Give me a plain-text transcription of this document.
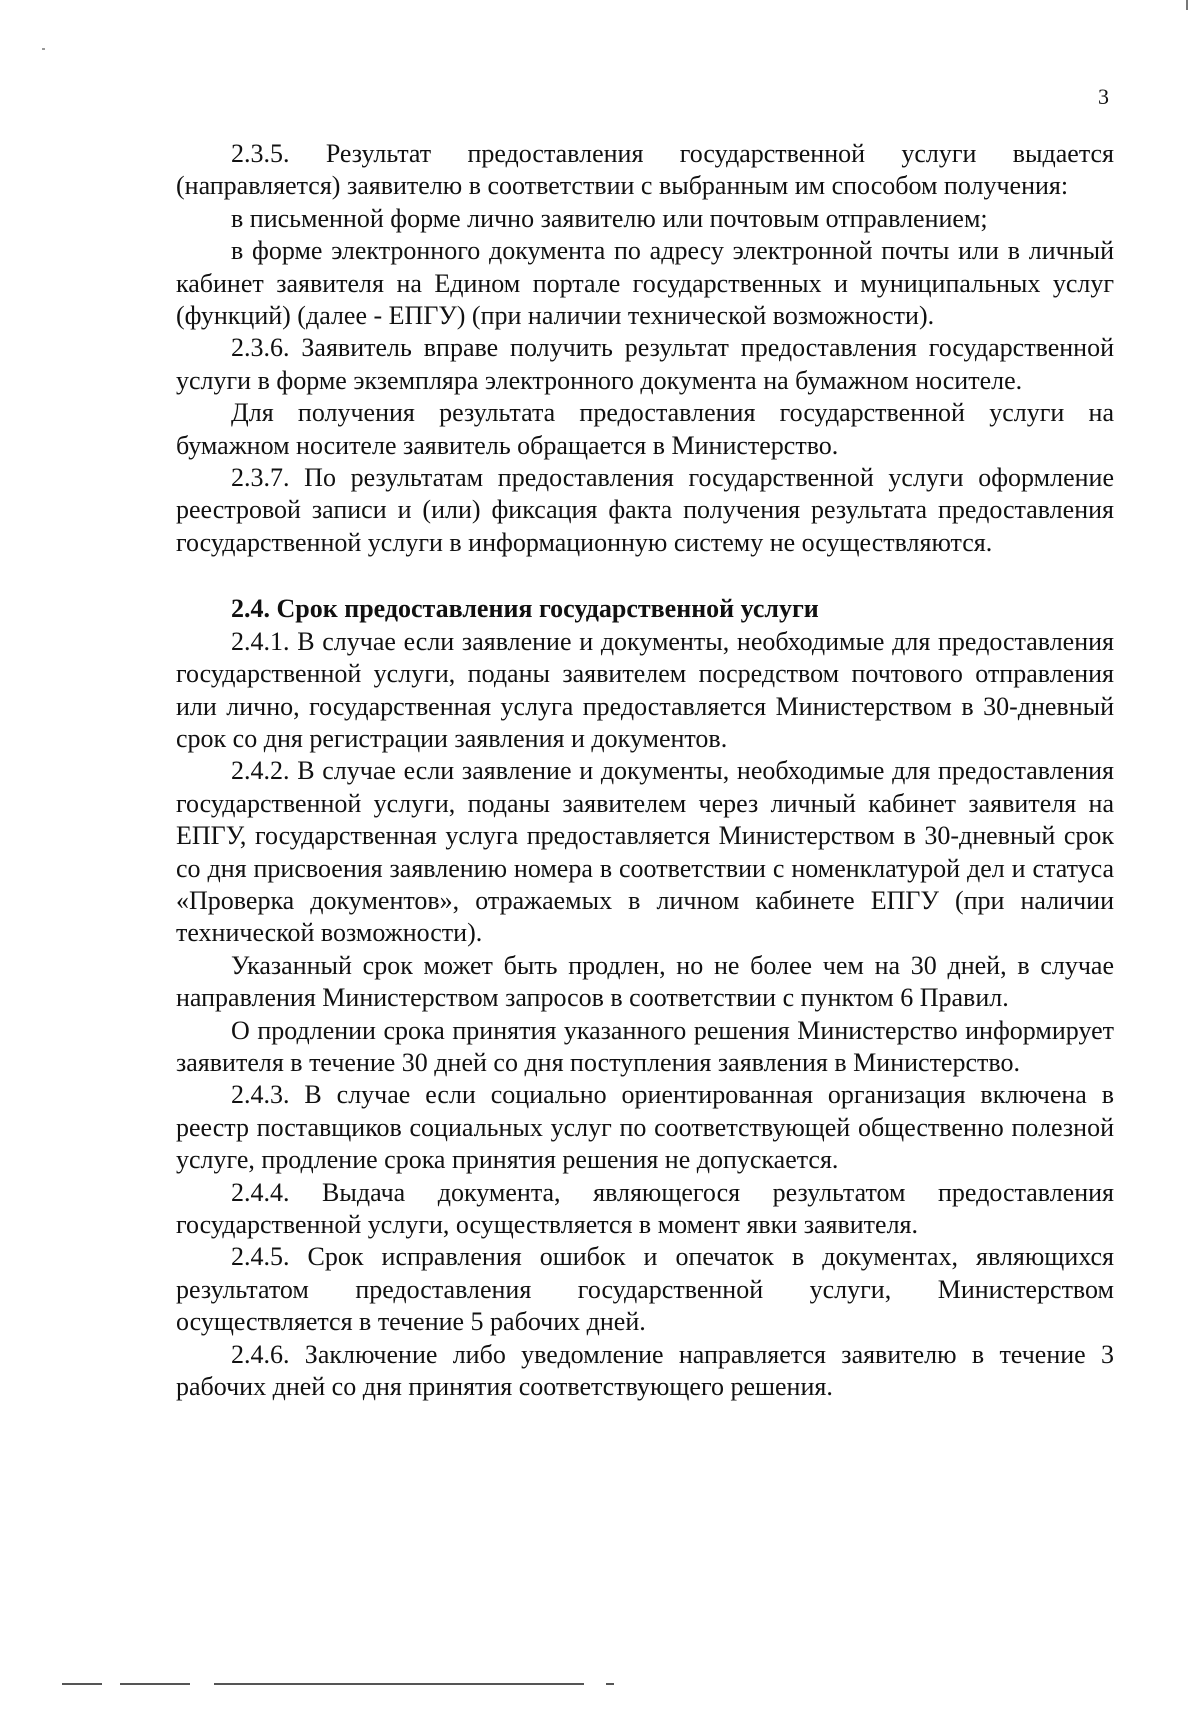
3

2.3.5. Результат предоставления государственной услуги выдается (направляется) заявителю в соответствии с выбранным им способом получения:

в письменной форме лично заявителю или почтовым отправлением;

в форме электронного документа по адресу электронной почты или в личный кабинет заявителя на Едином портале государственных и муниципальных услуг (функций) (далее - ЕПГУ) (при наличии технической возможности).

2.3.6. Заявитель вправе получить результат предоставления государственной услуги в форме экземпляра электронного документа на бумажном носителе.

Для получения результата предоставления государственной услуги на бумажном носителе заявитель обращается в Министерство.

2.3.7. По результатам предоставления государственной услуги оформление реестровой записи и (или) фиксация факта получения результата предоставления государственной услуги в информационную систему не осуществляются.

2.4. Срок предоставления государственной услуги

2.4.1. В случае если заявление и документы, необходимые для предоставления государственной услуги, поданы заявителем посредством почтового отправления или лично, государственная услуга предоставляется Министерством в 30-дневный срок со дня регистрации заявления и документов.

2.4.2. В случае если заявление и документы, необходимые для предоставления государственной услуги, поданы заявителем через личный кабинет заявителя на ЕПГУ, государственная услуга предоставляется Министерством в 30-дневный срок со дня присвоения заявлению номера в соответствии с номенклатурой дел и статуса «Проверка документов», отражаемых в личном кабинете ЕПГУ (при наличии технической возможности).

Указанный срок может быть продлен, но не более чем на 30 дней, в случае направления Министерством запросов в соответствии с пунктом 6 Правил.

О продлении срока принятия указанного решения Министерство информирует заявителя в течение 30 дней со дня поступления заявления в Министерство.

2.4.3. В случае если социально ориентированная организация включена в реестр поставщиков социальных услуг по соответствующей общественно полезной услуге, продление срока принятия решения не допускается.

2.4.4. Выдача документа, являющегося результатом предоставления государственной услуги, осуществляется в момент явки заявителя.

2.4.5. Срок исправления ошибок и опечаток в документах, являющихся результатом предоставления государственной услуги, Министерством осуществляется в течение 5 рабочих дней.

2.4.6. Заключение либо уведомление направляется заявителю в течение 3 рабочих дней со дня принятия соответствующего решения.
